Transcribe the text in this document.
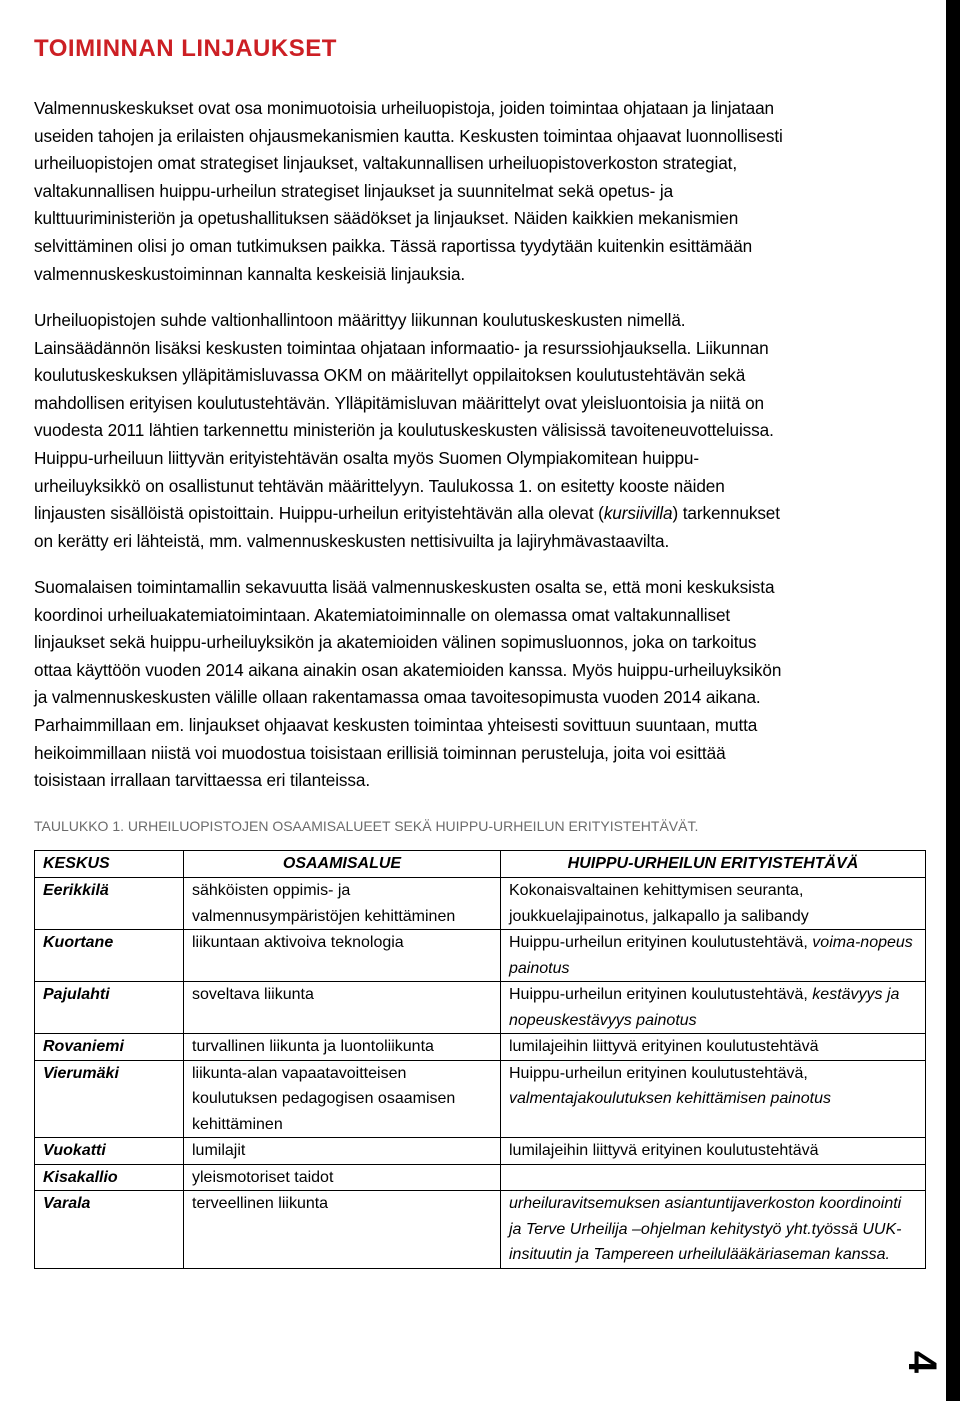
TOIMINNAN LINJAUKSET
Valmennuskeskukset ovat osa monimuotoisia urheiluopistoja, joiden toimintaa ohjataan ja linjataan
useiden tahojen ja erilaisten ohjausmekanismien kautta. Keskusten toimintaa ohjaavat luonnollisesti
urheiluopistojen omat strategiset linjaukset, valtakunnallisen urheiluopistoverkoston strategiat,
valtakunnallisen huippu-urheilun strategiset linjaukset ja suunnitelmat sekä opetus- ja
kulttuuriministeriön ja opetushallituksen säädökset ja linjaukset. Näiden kaikkien mekanismien
selvittäminen olisi jo oman tutkimuksen paikka. Tässä raportissa tyydytään kuitenkin esittämään
valmennuskeskustoiminnan kannalta keskeisiä linjauksia.
Urheiluopistojen suhde valtionhallintoon määrittyy liikunnan koulutuskeskusten nimellä.
Lainsäädännön lisäksi keskusten toimintaa ohjataan informaatio- ja resurssiohjauksella. Liikunnan
koulutuskeskuksen ylläpitämisluvassa OKM on määritellyt oppilaitoksen koulutustehtävän sekä
mahdollisen erityisen koulutustehtävän. Ylläpitämisluvan määrittelyt ovat yleisluontoisia ja niitä on
vuodesta 2011 lähtien tarkennettu ministeriön ja koulutuskeskusten välisissä tavoiteneuvotteluissa.
Huippu-urheiluun liittyvän erityistehtävän osalta myös Suomen Olympiakomitean huippu-
urheiluyksikkö on osallistunut tehtävän määrittelyyn. Taulukossa 1. on esitetty kooste näiden
linjausten sisällöistä opistoittain. Huippu-urheilun erityistehtävän alla olevat (kursiivilla) tarkennukset
on kerätty eri lähteistä, mm. valmennuskeskusten nettisivuilta ja lajiryhmävastaavilta.
Suomalaisen toimintamallin sekavuutta lisää valmennuskeskusten osalta se, että moni keskuksista
koordinoi urheiluakatemiatoimintaan. Akatemiatoiminnalle on olemassa omat valtakunnalliset
linjaukset sekä huippu-urheiluyksikön ja akatemioiden välinen sopimusluonnos, joka on tarkoitus
ottaa käyttöön vuoden 2014 aikana ainakin osan akatemioiden kanssa. Myös huippu-urheiluyksikön
ja valmennuskeskusten välille ollaan rakentamassa omaa tavoitesopimusta vuoden 2014 aikana.
Parhaimmillaan em. linjaukset ohjaavat keskusten toimintaa yhteisesti sovittuun suuntaan, mutta
heikoimmillaan niistä voi muodostua toisistaan erillisiä toiminnan perusteluja, joita voi esittää
toisistaan irrallaan tarvittaessa eri tilanteissa.
TAULUKKO 1. URHEILUOPISTOJEN OSAAMISALUEET SEKÄ HUIPPU-URHEILUN ERITYISTEHTÄVÄT.
KESKUS	OSAAMISALUE	HUIPPU-URHEILUN ERITYISTEHTÄVÄ
Eerikkilä	sähköisten oppimis- ja valmennusympäristöjen kehittäminen	Kokonaisvaltainen kehittymisen seuranta, joukkuelajipainotus, jalkapallo ja salibandy
Kuortane	liikuntaan aktivoiva teknologia	Huippu-urheilun erityinen koulutustehtävä, voima-nopeus painotus
Pajulahti	soveltava liikunta	Huippu-urheilun erityinen koulutustehtävä, kestävyys ja nopeuskestävyys painotus
Rovaniemi	turvallinen liikunta ja luontoliikunta	lumilajeihin liittyvä erityinen koulutustehtävä
Vierumäki	liikunta-alan vapaatavoitteisen koulutuksen pedagogisen osaamisen kehittäminen	Huippu-urheilun erityinen koulutustehtävä, valmentajakoulutuksen kehittämisen painotus
Vuokatti	lumilajit	lumilajeihin liittyvä erityinen koulutustehtävä
Kisakallio	yleismotoriset taidot	
Varala	terveellinen liikunta	urheiluravitsemuksen asiantuntijaverkoston koordinointi ja Terve Urheilija –ohjelman kehitystyö yht.työssä UUK-insituutin ja Tampereen urheilulääkäriaseman kanssa.
4
